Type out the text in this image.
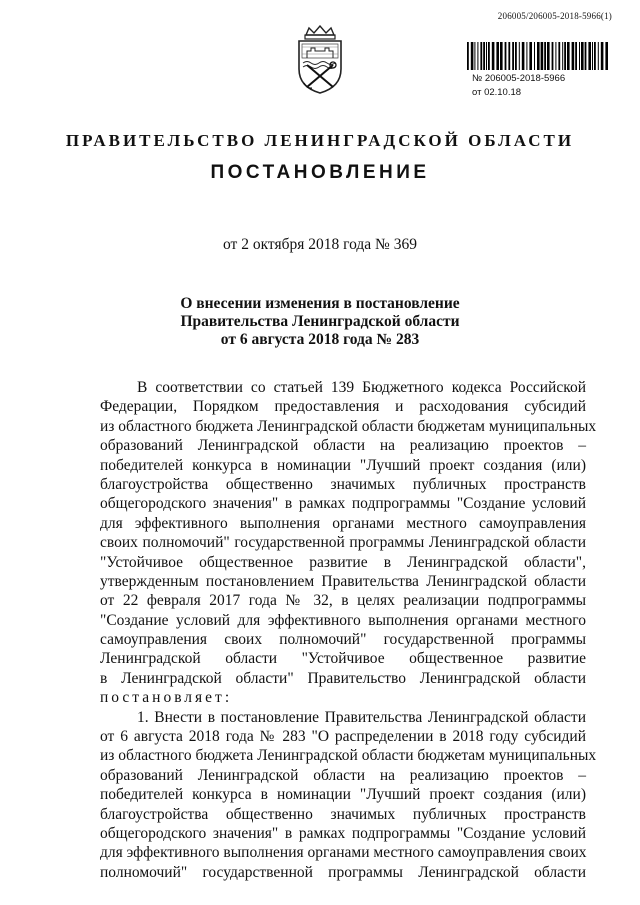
206005/206005-2018-5966(1)
№ 206005-2018-5966
от 02.10.18
ПРАВИТЕЛЬСТВО ЛЕНИНГРАДСКОЙ ОБЛАСТИ
ПОСТАНОВЛЕНИЕ
от 2 октября 2018 года № 369
О внесении изменения в постановление
Правительства Ленинградской области
от 6 августа 2018 года № 283
В соответствии со статьей 139 Бюджетного кодекса Российской
Федерации, Порядком предоставления и расходования субсидий
из областного бюджета Ленинградской области бюджетам муниципальных
образований Ленинградской области на реализацию проектов –
победителей конкурса в номинации "Лучший проект создания (или)
благоустройства общественно значимых публичных пространств
общегородского значения" в рамках подпрограммы "Создание условий
для эффективного выполнения органами местного самоуправления
своих полномочий" государственной программы Ленинградской области
"Устойчивое общественное развитие в Ленинградской области",
утвержденным постановлением Правительства Ленинградской области
от 22 февраля 2017 года № 32, в целях реализации подпрограммы
"Создание условий для эффективного выполнения органами местного
самоуправления своих полномочий" государственной программы
Ленинградской области "Устойчивое общественное развитие
в Ленинградской области" Правительство Ленинградской области
постановляет:
1. Внести в постановление Правительства Ленинградской области
от 6 августа 2018 года № 283 "О распределении в 2018 году субсидий
из областного бюджета Ленинградской области бюджетам муниципальных
образований Ленинградской области на реализацию проектов –
победителей конкурса в номинации "Лучший проект создания (или)
благоустройства общественно значимых публичных пространств
общегородского значения" в рамках подпрограммы "Создание условий
для эффективного выполнения органами местного самоуправления своих
полномочий" государственной программы Ленинградской области
